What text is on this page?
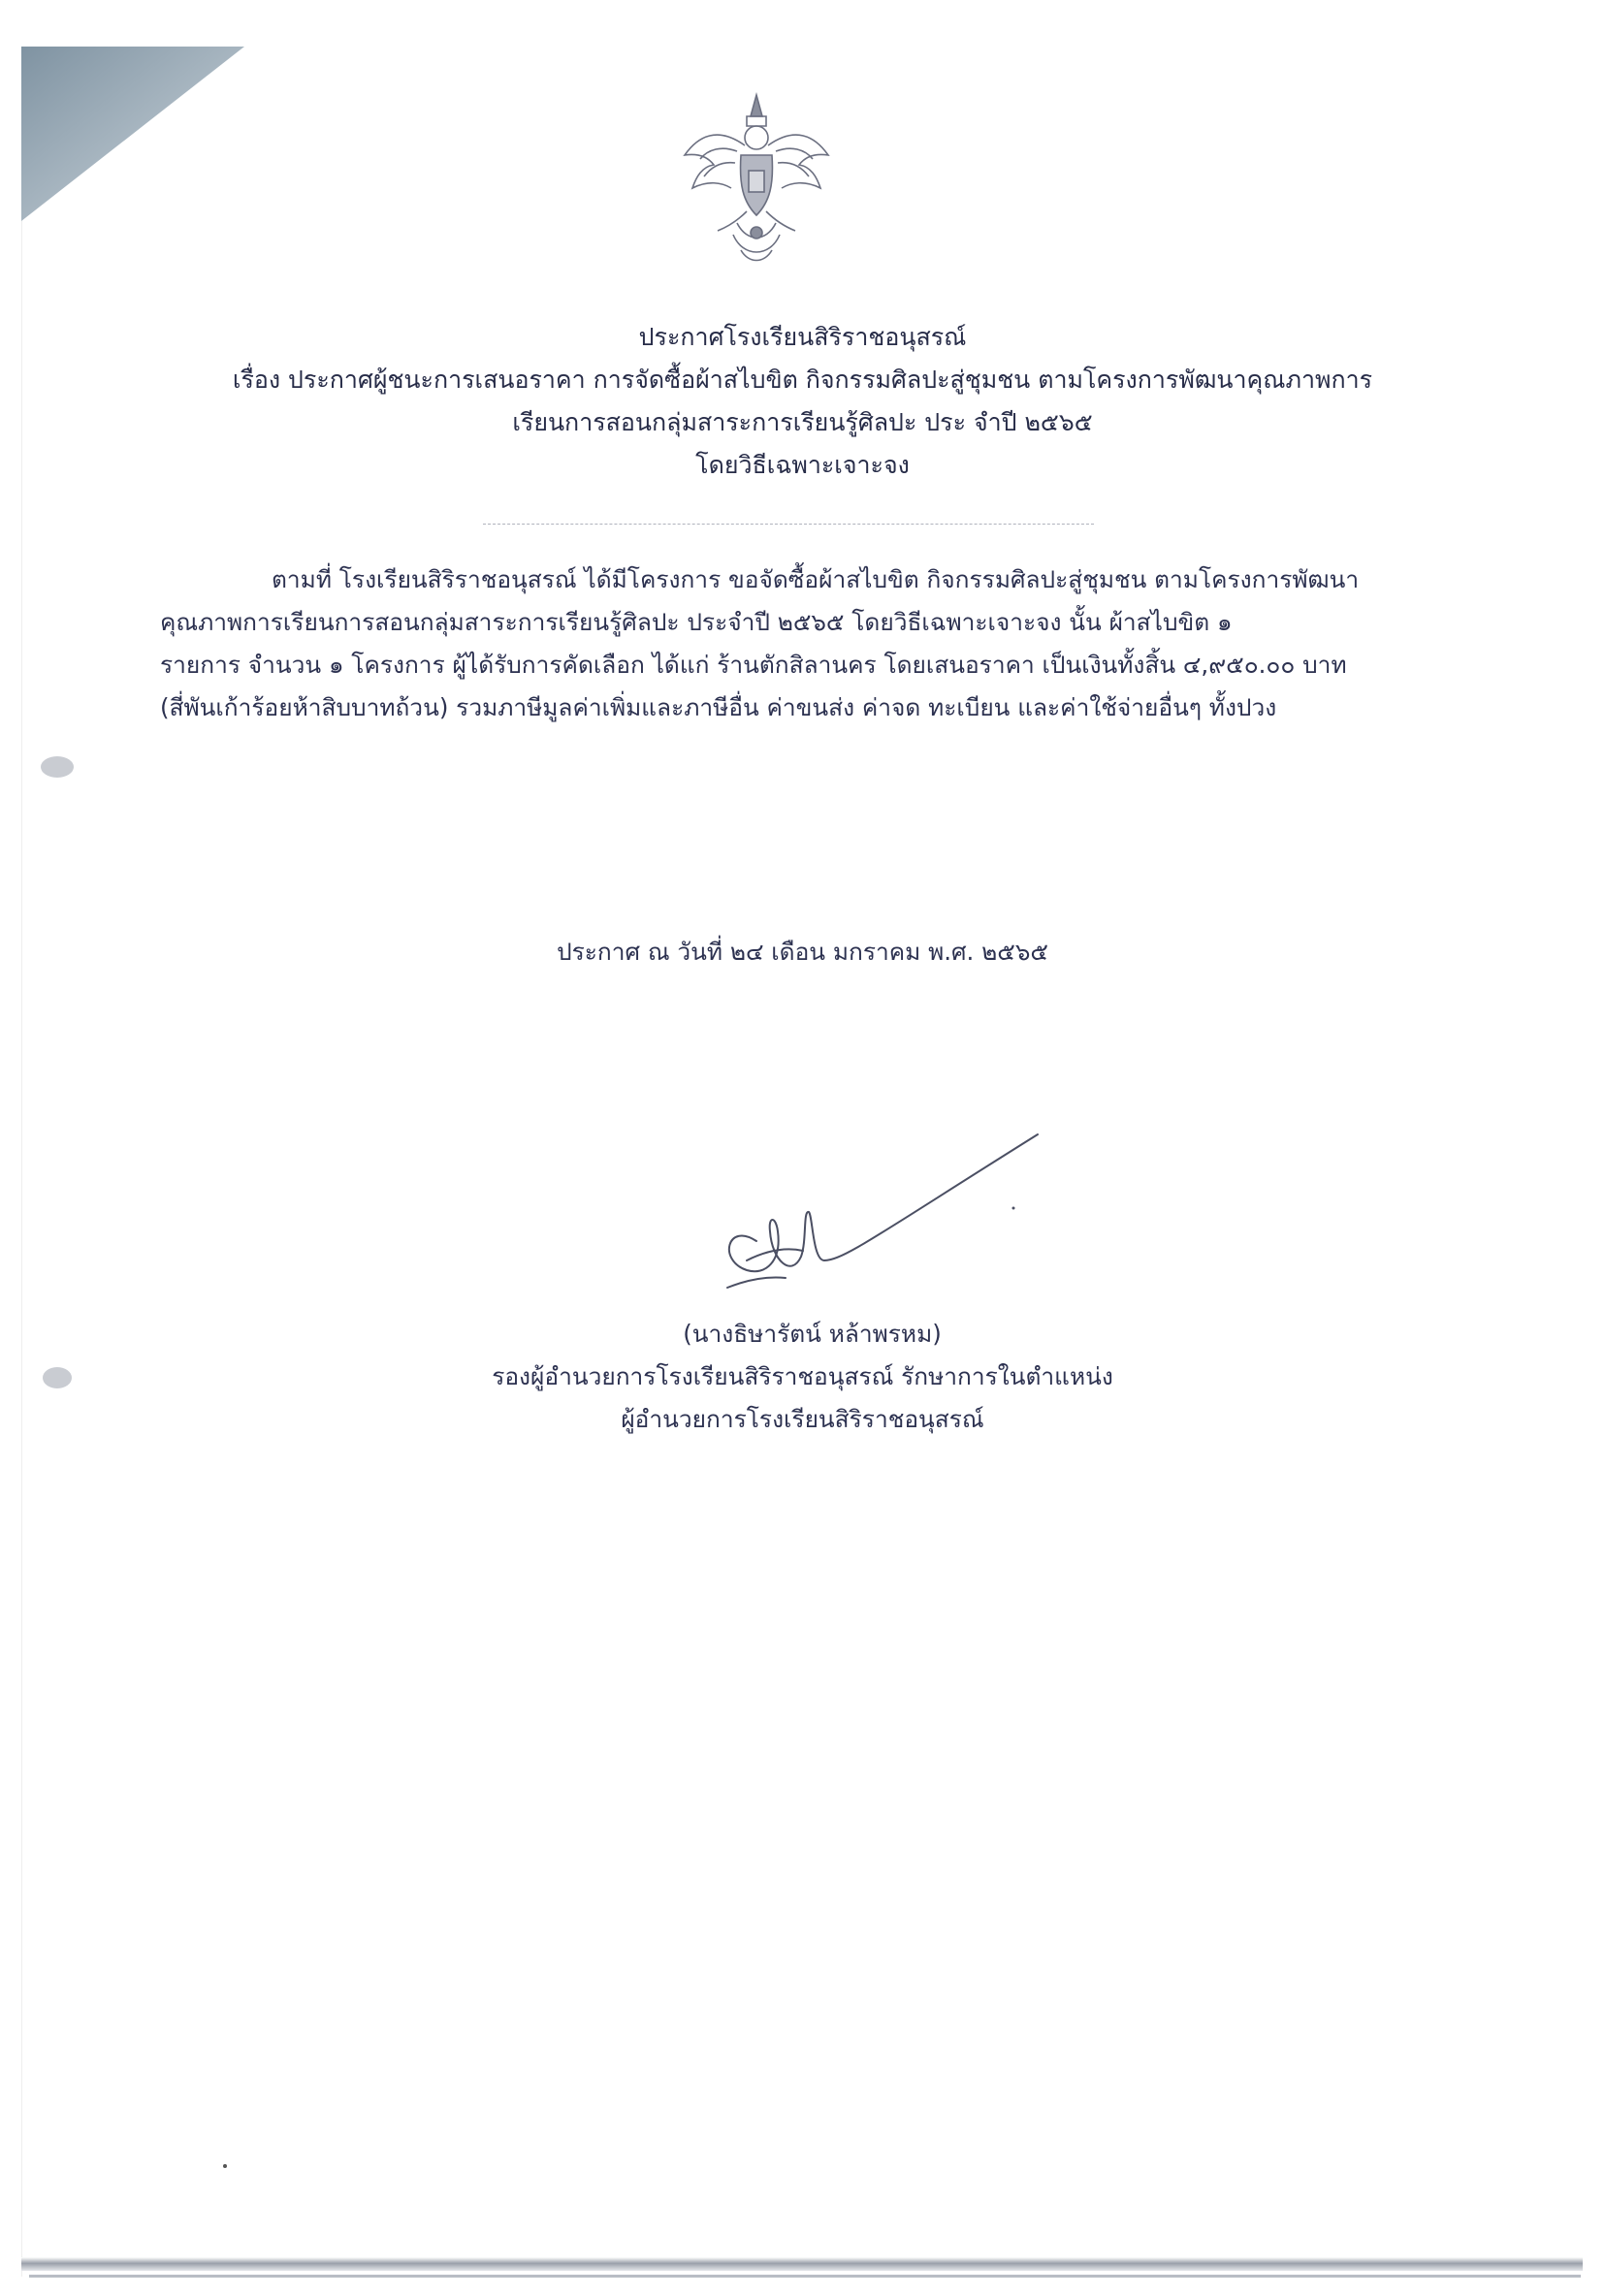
ประกาศโรงเรียนสิริราชอนุสรณ์
เรื่อง ประกาศผู้ชนะการเสนอราคา การจัดซื้อผ้าสไบขิต กิจกรรมศิลปะสู่ชุมชน ตามโครงการพัฒนาคุณภาพการ
เรียนการสอนกลุ่มสาระการเรียนรู้ศิลปะ ประ จำปี ๒๕๖๕
โดยวิธีเฉพาะเจาะจง
ตามที่ โรงเรียนสิริราชอนุสรณ์ ได้มีโครงการ ขอจัดซื้อผ้าสไบขิต กิจกรรมศิลปะสู่ชุมชน ตามโครงการพัฒนา
คุณภาพการเรียนการสอนกลุ่มสาระการเรียนรู้ศิลปะ ประจำปี ๒๕๖๕ โดยวิธีเฉพาะเจาะจง นั้น ผ้าสไบขิต ๑
รายการ จำนวน ๑ โครงการ ผู้ได้รับการคัดเลือก ได้แก่ ร้านตักสิลานคร โดยเสนอราคา เป็นเงินทั้งสิ้น ๔,๙๕๐.๐๐ บาท
(สี่พันเก้าร้อยห้าสิบบาทถ้วน) รวมภาษีมูลค่าเพิ่มและภาษีอื่น ค่าขนส่ง ค่าจด ทะเบียน และค่าใช้จ่ายอื่นๆ ทั้งปวง
ประกาศ ณ วันที่ ๒๔ เดือน มกราคม พ.ศ. ๒๕๖๕
(นางธิษารัตน์ หล้าพรหม)
รองผู้อำนวยการโรงเรียนสิริราชอนุสรณ์ รักษาการในตำแหน่ง
ผู้อำนวยการโรงเรียนสิริราชอนุสรณ์
